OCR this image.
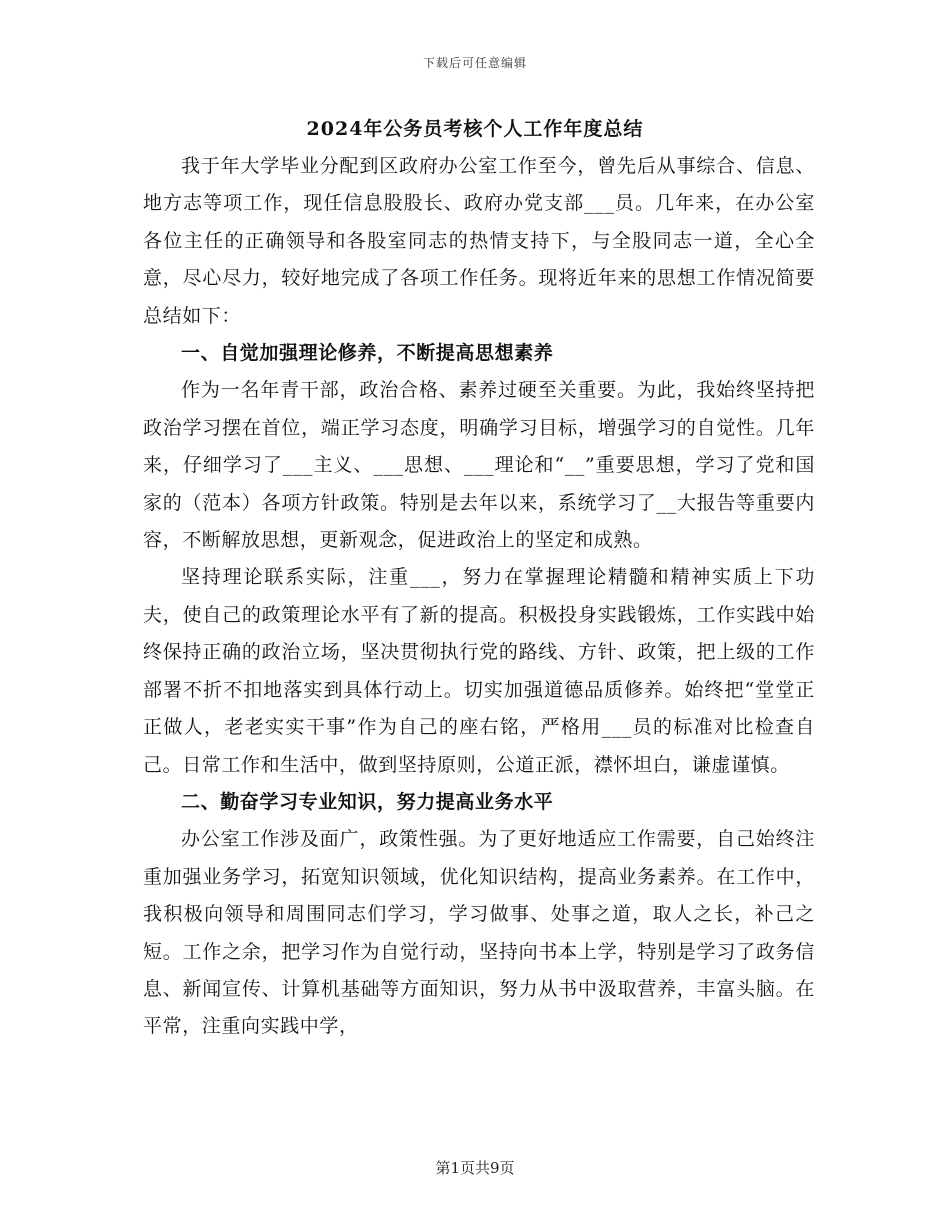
下载后可任意编辑
2024年公务员考核个人工作年度总结

我于年大学毕业分配到区政府办公室工作至今，曾先后从事综合、信息、地方志等项工作，现任信息股股长、政府办党支部___员。几年来，在办公室各位主任的正确领导和各股室同志的热情支持下，与全股同志一道，全心全意，尽心尽力，较好地完成了各项工作任务。现将近年来的思想工作情况简要总结如下：

一、自觉加强理论修养，不断提高思想素养

作为一名年青干部，政治合格、素养过硬至关重要。为此，我始终坚持把政治学习摆在首位，端正学习态度，明确学习目标，增强学习的自觉性。几年来，仔细学习了___主义、___思想、___理论和“__”重要思想，学习了党和国家的（范本）各项方针政策。特别是去年以来，系统学习了__大报告等重要内容，不断解放思想，更新观念，促进政治上的坚定和成熟。

坚持理论联系实际，注重___，努力在掌握理论精髓和精神实质上下功夫，使自己的政策理论水平有了新的提高。积极投身实践锻炼，工作实践中始终保持正确的政治立场，坚决贯彻执行党的路线、方针、政策，把上级的工作部署不折不扣地落实到具体行动上。切实加强道德品质修养。始终把“堂堂正正做人，老老实实干事”作为自己的座右铭，严格用___员的标准对比检查自己。日常工作和生活中，做到坚持原则，公道正派，襟怀坦白，谦虚谨慎。

二、勤奋学习专业知识，努力提高业务水平

办公室工作涉及面广，政策性强。为了更好地适应工作需要，自己始终注重加强业务学习，拓宽知识领域，优化知识结构，提高业务素养。在工作中，我积极向领导和周围同志们学习，学习做事、处事之道，取人之长，补己之短。工作之余，把学习作为自觉行动，坚持向书本上学，特别是学习了政务信息、新闻宣传、计算机基础等方面知识，努力从书中汲取营养，丰富头脑。在平常，注重向实践中学，

第1页共9页
